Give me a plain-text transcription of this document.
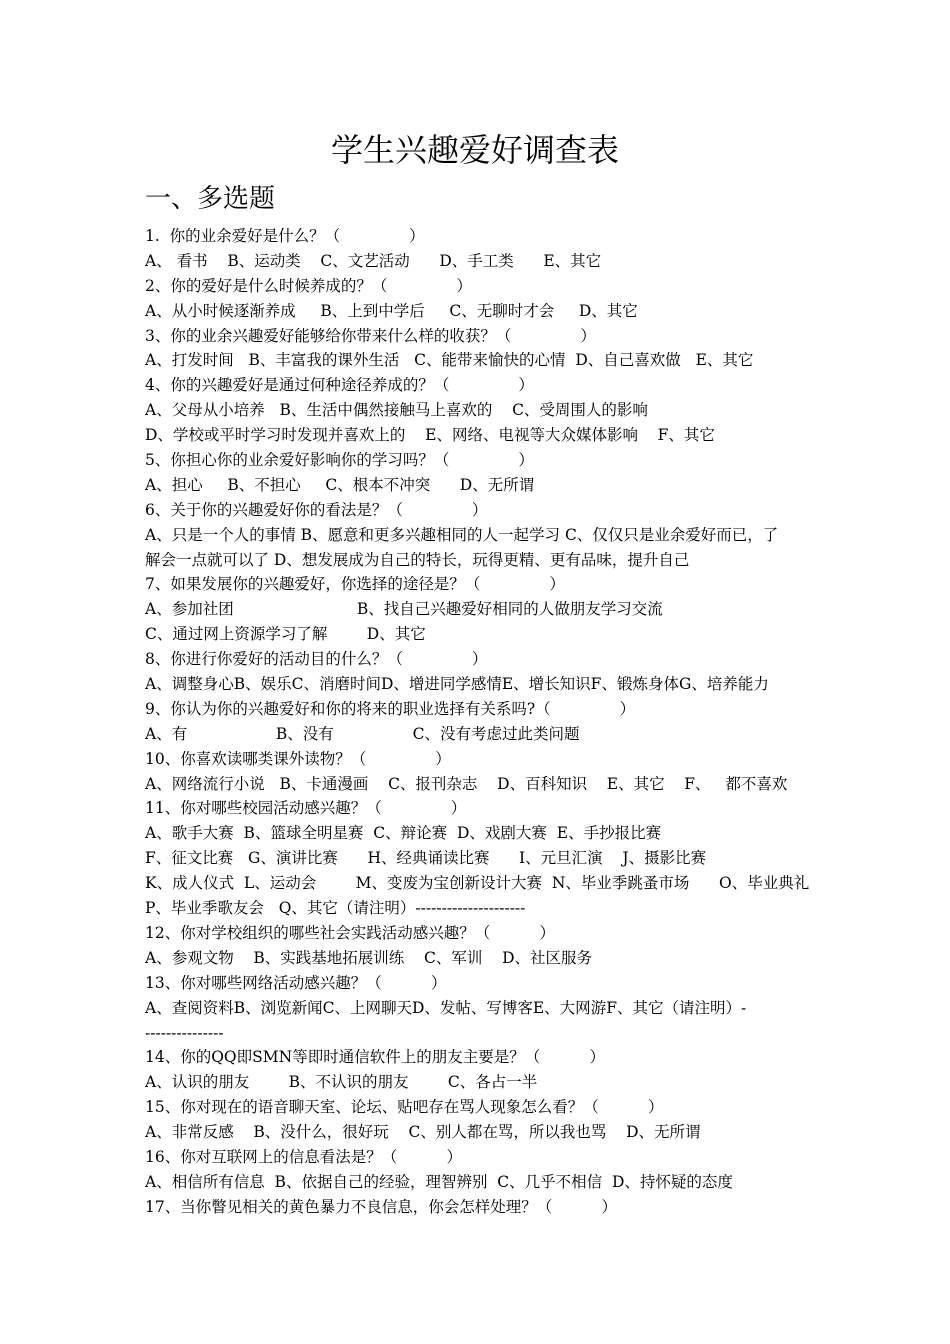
学生兴趣爱好调查表
一、多选题
1.  你的业余爱好是什么？（              ）
A、 看书    B、运动类    C、文艺活动      D、手工类      E、其它
2、你的爱好是什么时候养成的？（              ）
A、从小时候逐渐养成     B、上到中学后     C、无聊时才会     D、其它
3、你的业余兴趣爱好能够给你带来什么样的收获？（              ）
A、打发时间   B、丰富我的课外生活   C、能带来愉快的心情  D、自己喜欢做   E、其它
4、你的兴趣爱好是通过何种途径养成的？（              ）
A、父母从小培养   B、生活中偶然接触马上喜欢的    C、受周围人的影响
D、学校或平时学习时发现并喜欢上的    E、网络、电视等大众媒体影响    F、其它
5、你担心你的业余爱好影响你的学习吗？（              ）
A、担心     B、不担心     C、根本不冲突      D、无所谓
6、关于你的兴趣爱好你的看法是？（              ）
A、只是一个人的事情 B、愿意和更多兴趣相同的人一起学习 C、仅仅只是业余爱好而已，了
解会一点就可以了 D、想发展成为自己的特长，玩得更精、更有品味，提升自己
7、如果发展你的兴趣爱好，你选择的途径是？（              ）
A、参加社团                         B、找自己兴趣爱好相同的人做朋友学习交流
C、通过网上资源学习了解        D、其它
8、你进行你爱好的活动目的什么？（              ）
A、调整身心B、娱乐C、消磨时间D、增进同学感情E、增长知识F、锻炼身体G、培养能力
9、你认为你的兴趣爱好和你的将来的职业选择有关系吗?（              ）
A、有                  B、没有                C、没有考虑过此类问题
10、你喜欢读哪类课外读物？（              ）
A、网络流行小说   B、卡通漫画    C、报刊杂志    D、百科知识    E、其它    F、   都不喜欢
11、你对哪些校园活动感兴趣？（              ）
A、歌手大赛  B、篮球全明星赛  C、辩论赛  D、戏剧大赛  E、手抄报比赛
F、征文比赛   G、演讲比赛      H、经典诵读比赛      I、元旦汇演    J、摄影比赛
K、成人仪式  L、运动会        M、变废为宝创新设计大赛  N、毕业季跳蚤市场      O、毕业典礼
P、毕业季歌友会   Q、其它（请注明）---------------------
12、你对学校组织的哪些社会实践活动感兴趣？（          ）
A、参观文物    B、实践基地拓展训练    C、军训    D、社区服务
13、你对哪些网络活动感兴趣？（          ）
A、查阅资料B、浏览新闻C、上网聊天D、发帖、写博客E、大网游F、其它（请注明）-
---------------
14、你的QQ即SMN等即时通信软件上的朋友主要是？（          ）
A、认识的朋友        B、不认识的朋友        C、各占一半
15、你对现在的语音聊天室、论坛、贴吧存在骂人现象怎么看？（          ）
A、非常反感    B、没什么，很好玩    C、别人都在骂，所以我也骂    D、无所谓
16、你对互联网上的信息看法是？（          ）
A、相信所有信息  B、依据自己的经验，理智辨别  C、几乎不相信  D、持怀疑的态度
17、当你瞥见相关的黄色暴力不良信息，你会怎样处理？（          ）
